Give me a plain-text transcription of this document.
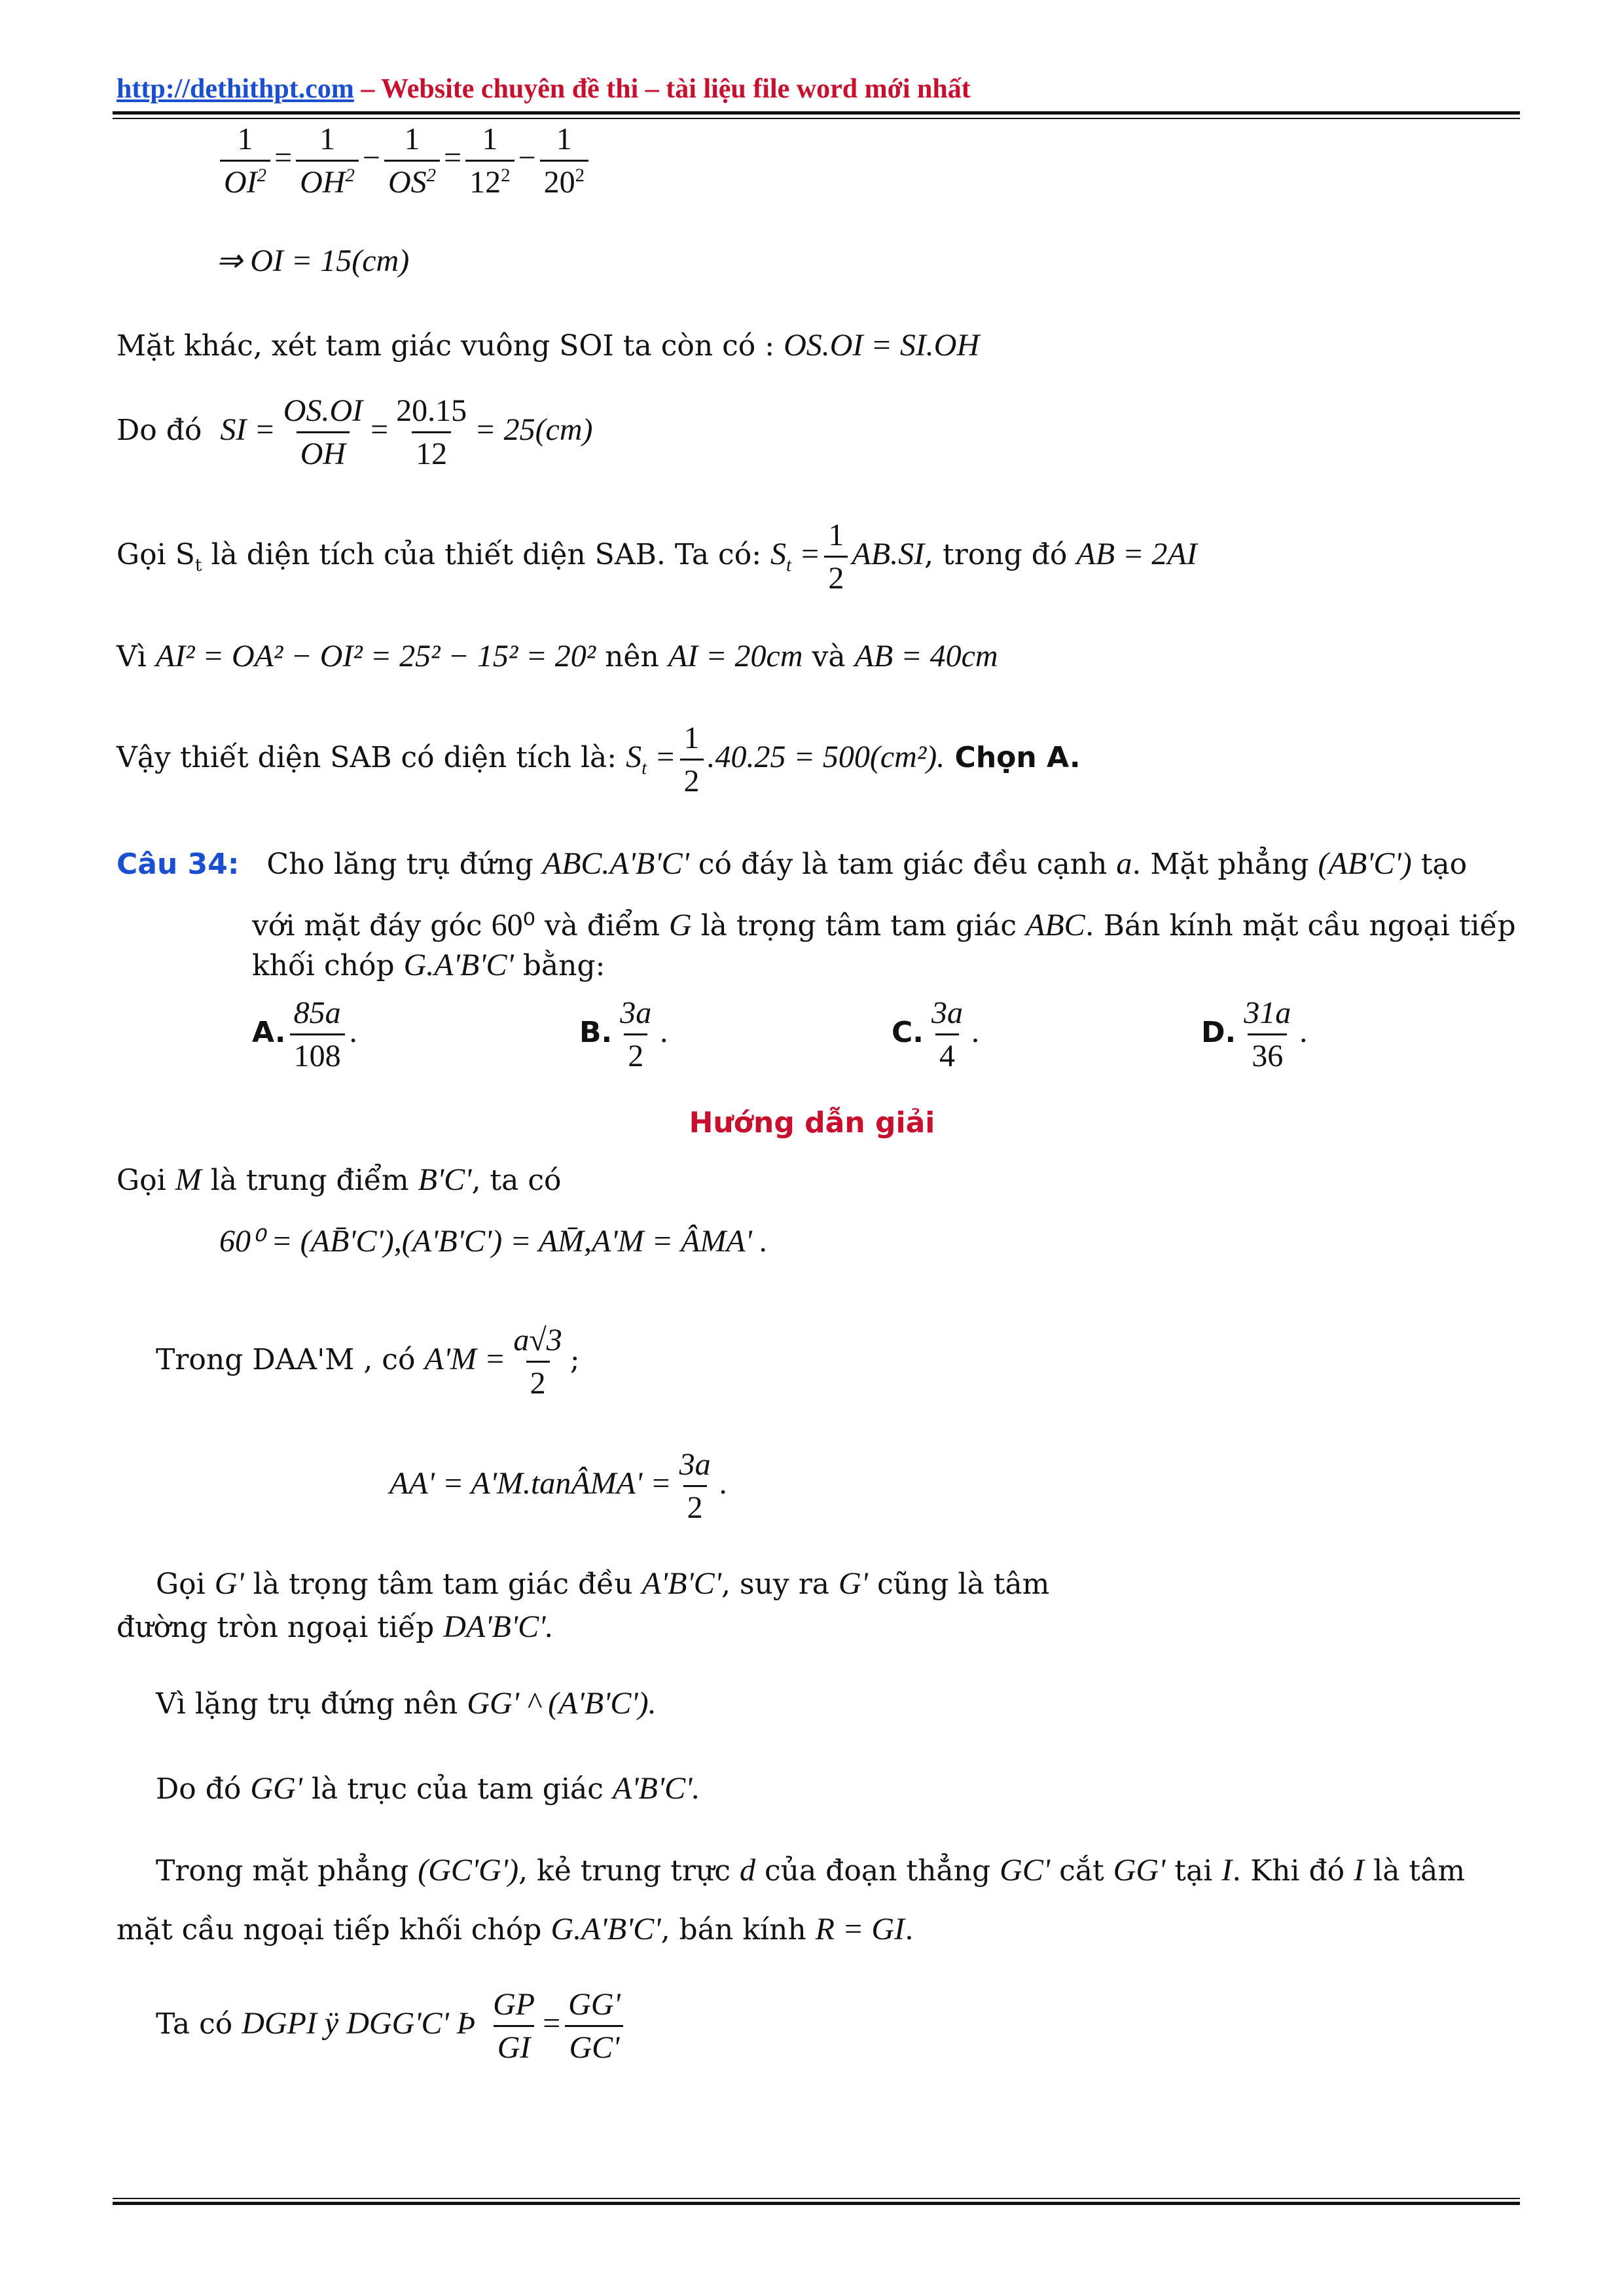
http://dethithpt.com – Website chuyên đề thi – tài liệu file word mới nhất
$\frac{1}{OI^2} = \frac{1}{OH^2} - \frac{1}{OS^2} = \frac{1}{12^2} - \frac{1}{20^2}$
⇒ OI = 15(cm)
Mặt khác, xét tam giác vuông SOI ta còn có : OS.OI = SI.OH
Do đó SI = $\frac{OS.OI}{OH} = \frac{20.15}{12} = 25(cm)$
Gọi $S_t$ là diện tích của thiết diện SAB. Ta có: $S_t = \frac{1}{2} AB.SI$, trong đó AB = 2AI
Vì AI² = OA² − OI² = 25² − 15² = 20² nên AI = 20cm và AB = 40cm
Vậy thiết diện SAB có diện tích là: $S_t = \frac{1}{2} .40.25 = 500(cm^2)$. Chọn A.
Câu 34: Cho lăng trụ đứng ABC.A'B'C' có đáy là tam giác đều cạnh a. Mặt phẳng (AB'C') tạo
với mặt đáy góc 60⁰ và điểm G là trọng tâm tam giác ABC. Bán kính mặt cầu ngoại tiếp
khối chóp G.A'B'C' bằng:
A. $\frac{85a}{108}$ .	B. $\frac{3a}{2}$ .	C. $\frac{3a}{4}$ .	D. $\frac{31a}{36}$ .
Hướng dẫn giải
Gọi M là trung điểm B'C', ta có
60⁰ = (AB̄'C'),(A'B'C') = AM̄,A'M = ÂMA' .
Trong DAA'M , có $A'M = \frac{a√3}{2}$ ;
AA' = A'M.tanÂMA' = $\frac{3a}{2}$ .
Gọi G' là trọng tâm tam giác đều A'B'C', suy ra G' cũng là tâm
đường tròn ngoại tiếp DA'B'C'.
Vì lặng trụ đứng nên GG' ^ (A'B'C').
Do đó GG' là trục của tam giác A'B'C'.
Trong mặt phẳng (GC'G'), kẻ trung trực d của đoạn thẳng GC' cắt GG' tại I. Khi đó I là tâm
mặt cầu ngoại tiếp khối chóp G.A'B'C', bán kính R = GI.
Ta có DGPI ÿ DGG'C' Þ $\frac{GP}{GI} = \frac{GG'}{GC'}$
